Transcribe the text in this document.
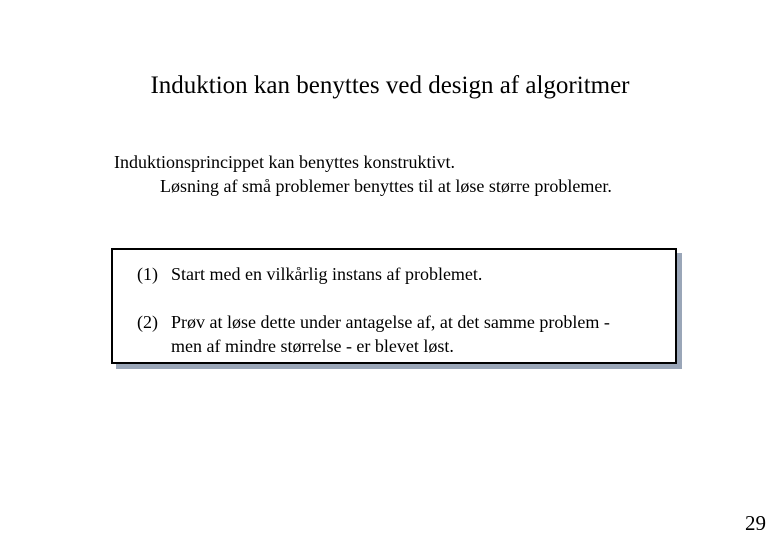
Induktion kan benyttes ved design af algoritmer
Induktionsprincippet kan benyttes konstruktivt.
Løsning af små problemer benyttes til at løse større problemer.
(1) Start med en vilkårlig instans af problemet.
(2) Prøv at løse dette under antagelse af, at det samme problem -
men af mindre størrelse - er blevet løst.
29
